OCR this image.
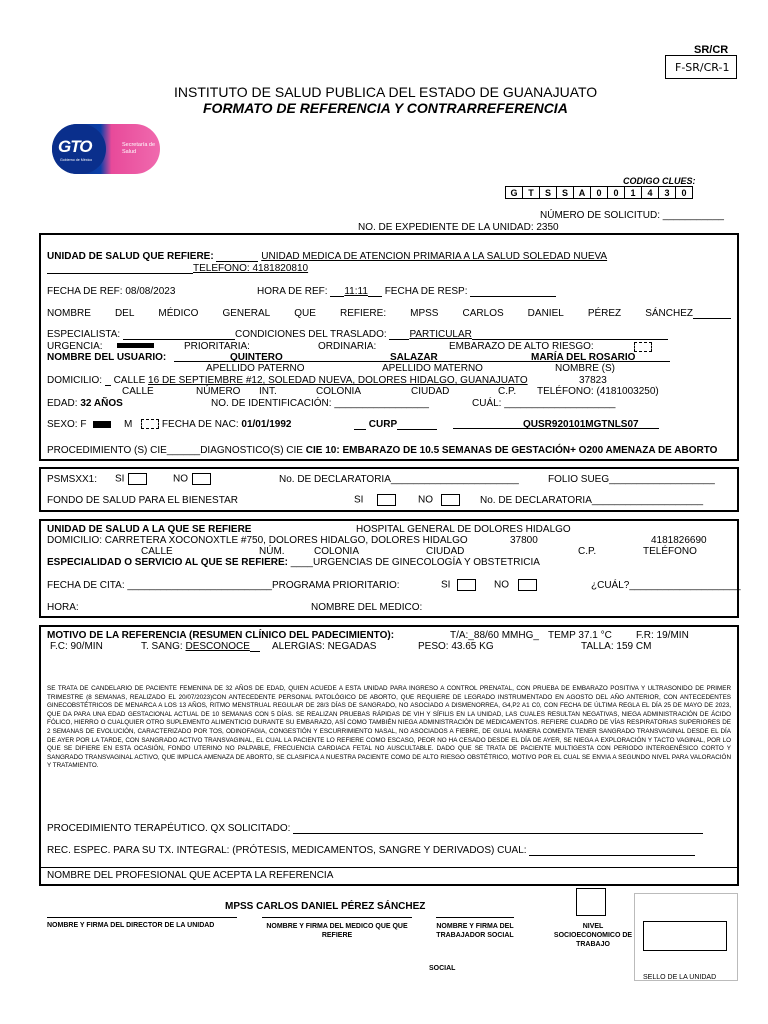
SR/CR
F-SR/CR-1
INSTITUTO DE SALUD PUBLICA DEL ESTADO DE GUANAJUATO
FORMATO DE REFERENCIA Y CONTRARREFERENCIA
GTO
Gobierno de México
Secretaría de Salud
CODIGO CLUES:
G	T	S	S	A	0	0	1	4	3	0
NÚMERO DE SOLICITUD: ___________
NO. DE EXPEDIENTE DE LA UNIDAD: 2350
UNIDAD DE SALUD QUE REFIERE:	UNIDAD MEDICA DE ATENCION PRIMARIA A LA SALUD SOLEDAD NUEVA
TELEFONO: 4181820810
FECHA DE REF: 08/08/2023	HORA DE REF: 11:11 FECHA DE RESP:
NOMBRE DEL MÉDICO GENERAL QUE REFIERE: MPSS CARLOS DANIEL PÉREZ SÁNCHEZ
ESPECIALISTA:	CONDICIONES DEL TRASLADO: PARTICULAR
URGENCIA:	PRIORITARIA:	ORDINARIA:	EMBARAZO DE ALTO RIESGO:
NOMBRE DEL USUARIO:	QUINTERO	SALAZAR	MARÍA DEL ROSARIO
APELLIDO PATERNO	APELLIDO MATERNO	NOMBRE (S)
DOMICILIO: CALLE 16 DE SEPTIEMBRE #12, SOLEDAD NUEVA, DOLORES HIDALGO, GUANAJUATO	37823
CALLE	NÚMERO INT.	COLONIA	CIUDAD	C.P. TELÉFONO: (4181003250)
EDAD: 32 AÑOS	NO. DE IDENTIFICACIÓN: _________________	CUÁL: ____________________
SEXO: F	M	FECHA DE NAC: 01/01/1992	CURP	QUSR920101MGTNLS07
PROCEDIMIENTO (S) CIE______DIAGNOSTICO(S) CIE CIE 10: EMBARAZO DE 10.5 SEMANAS DE GESTACIÓN+ O200 AMENAZA DE ABORTO
PSMSXX1: SI	NO	No. DE DECLARATORIA_______________________	FOLIO SUEG___________________
FONDO DE SALUD PARA EL BIENESTAR	SI	NO	No. DE DECLARATORIA____________________
UNIDAD DE SALUD A LA QUE SE REFIERE	HOSPITAL GENERAL DE DOLORES HIDALGO
DOMICILIO: CARRETERA XOCONOXTLE #750, DOLORES HIDALGO, DOLORES HIDALGO	37800	4181826690
CALLE	NÚM.	COLONIA	CIUDAD	C.P.	TELÉFONO
ESPECIALIDAD O SERVICIO AL QUE SE REFIERE: ____URGENCIAS DE GINECOLOGÍA Y OBSTETRICIA
FECHA DE CITA: __________________________PROGRAMA PRIORITARIO:	SI	NO	¿CUÁL?____________________
HORA:	NOMBRE DEL MEDICO:
MOTIVO DE LA REFERENCIA (RESUMEN CLÍNICO DEL PADECIMIENTO):	T/A:_88/60 MMHG_ TEMP 37.1 °C F.R: 19/MIN
F.C: 90/MIN	T. SANG: DESCONOCE	ALERGIAS: NEGADAS	PESO: 43.65 KG	TALLA: 159 CM
SE TRATA DE CANDELARIO DE PACIENTE FEMENINA DE 32 AÑOS DE EDAD, QUIEN ACUEDE A ESTA UNIDAD PARA INGRESO A CONTROL PRENATAL, CON PRUEBA DE EMBARAZO POSITIVA Y ULTRASONIDO DE PRIMER TRIMESTRE (8 SEMANAS, REALIZADO EL 20/07/2023)CON ANTECEDENTE PERSONAL PATOLÓGICO DE ABORTO, QUE REQUIERE DE LEGRADO INSTRUMENTADO EN AGOSTO DEL AÑO ANTERIOR, CON ANTECEDENTES GINECOBSTÉTRICOS DE MENARCA A LOS 13 AÑOS, RITMO MENSTRUAL REGULAR DE 28/3 DÍAS DE SANGRADO, NO ASOCIADO A DISMENORREA, G4,P2 A1 C0, CON FECHA DE ÚLTIMA REGLA EL DÍA 25 DE MAYO DE 2023, QUE DA PARA UNA EDAD GESTACIONAL ACTUAL DE 10 SEMANAS CON 5 DÍAS. SE REALIZAN PRUEBAS RÁPIDAS DE VIH Y SÍFILIS EN LA UNIDAD, LAS CUALES RESULTAN NEGATIVAS, NIEGA ADMINISTRACIÓN DE ÁCIDO FÓLICO, HIERRO O CUALQUIER OTRO SUPLEMENTO ALIMENTICIO DURANTE SU EMBARAZO, ASÍ COMO TAMBIÉN NIEGA ADMINISTRACIÓN DE MEDICAMENTOS. REFIERE CUADRO DE VÍAS RESPIRATORIAS SUPERIORES DE 2 SEMANAS DE EVOLUCIÓN, CARACTERIZADO POR TOS, ODINOFAGIA, CONGESTIÓN Y ESCURRIMIENTO NASAL, NO ASOCIADOS A FIEBRE, DE GIUAL MANERA COMENTA TENER SANGRADO TRANSVAGINAL DESDE EL DÍA DE AYER POR LA TARDE, CON SANGRADO ACTIVO TRANSVAGINAL, EL CUAL LA PACIENTE LO REFIERE COMO ESCASO, PEOR NO HA CESADO DESDE EL DÍA DE AYER, SE NIEGA A EXPLORACIÓN Y TACTO VAGINAL, POR LO QUE SE DIFIERE EN ESTA OCASIÓN, FONDO UTERINO NO PALPABLE, FRECUENCIA CARDIACA FETAL NO AUSCULTABLE. DADO QUE SE TRATA DE PACIENTE MULTIGESTA CON PERIODO INTERGENÉSICO CORTO Y SANGRADO TRANSVAGINAL ACTIVO, QUE IMPLICA AMENAZA DE ABORTO, SE CLASIFICA A NUESTRA PACIENTE COMO DE ALTO RIESGO OBSTÉTRICO, MOTIVO POR EL CUAL SE ENVIA A SEGUNDO NIVEL PARA VALORACIÓN Y TRATAMIENTO.
PROCEDIMIENTO TERAPÉUTICO. QX SOLICITADO:
REC. ESPEC. PARA SU TX. INTEGRAL: (PRÓTESIS, MEDICAMENTOS, SANGRE Y DERIVADOS) CUAL:
NOMBRE DEL PROFESIONAL QUE ACEPTA LA REFERENCIA
MPSS CARLOS DANIEL PÉREZ SÁNCHEZ
NOMBRE Y FIRMA DEL DIRECTOR DE LA UNIDAD	NOMBRE Y FIRMA DEL MEDICO QUE QUE REFIERE
NOMBRE Y FIRMA DEL TRABAJADOR SOCIAL
NIVEL SOCIOECONOMICO DE TRABAJO
SOCIAL
SELLO DE LA UNIDAD
